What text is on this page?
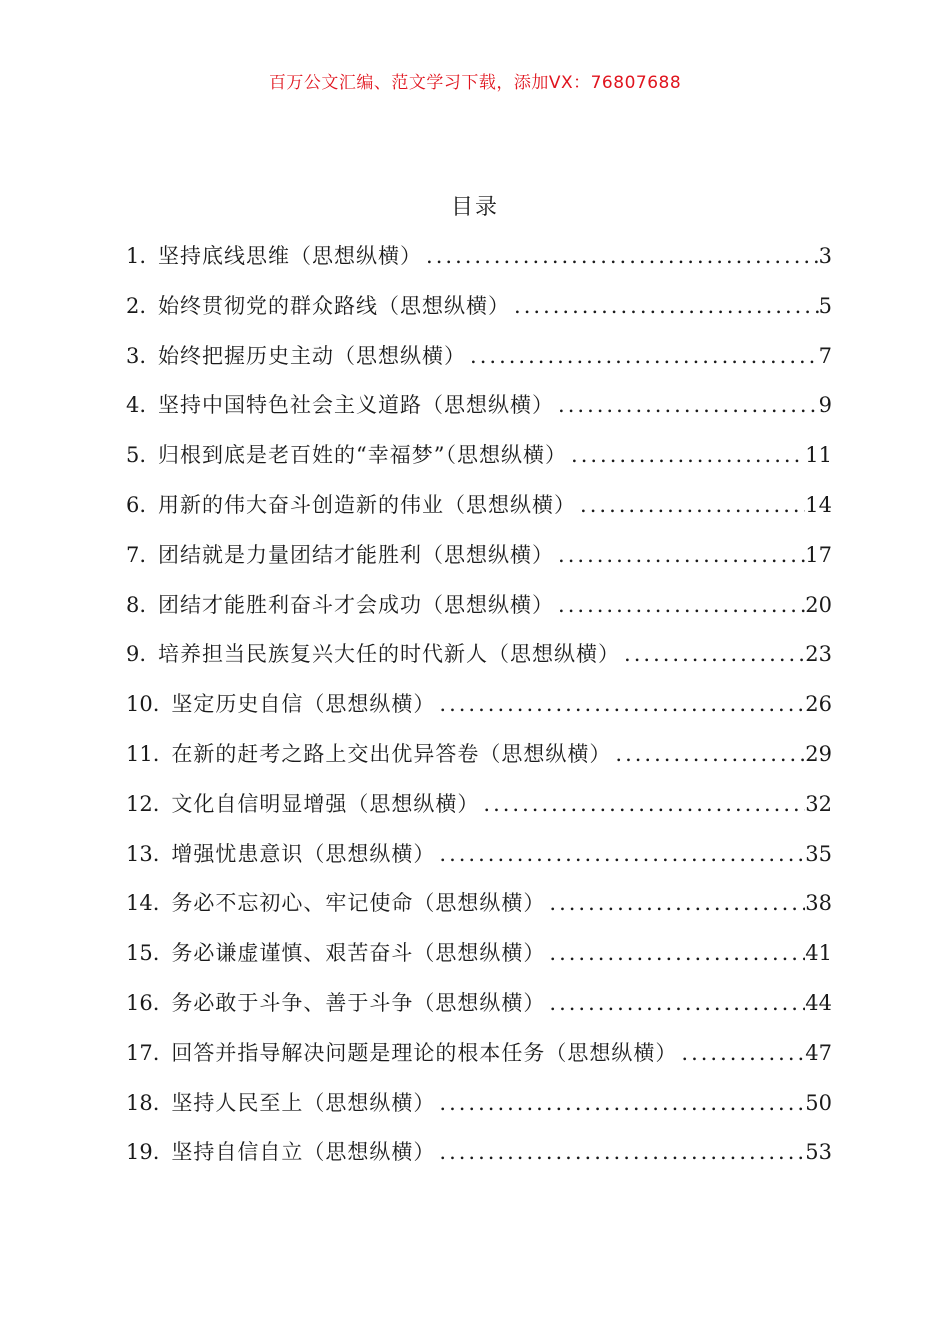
百万公文汇编、范文学习下载，添加VX：76807688
目录
1. 坚持底线思维（思想纵横） .....	3
2. 始终贯彻党的群众路线（思想纵横） .....	5
3. 始终把握历史主动（思想纵横） .....	7
4. 坚持中国特色社会主义道路（思想纵横） .....	9
5. 归根到底是老百姓的“幸福梦”（思想纵横） .....	11
6. 用新的伟大奋斗创造新的伟业（思想纵横） .....	14
7. 团结就是力量团结才能胜利（思想纵横） .....	17
8. 团结才能胜利奋斗才会成功（思想纵横） .....	20
9. 培养担当民族复兴大任的时代新人（思想纵横） .....	23
10. 坚定历史自信（思想纵横） .....	26
11. 在新的赶考之路上交出优异答卷（思想纵横） .....	29
12. 文化自信明显增强（思想纵横） .....	32
13. 增强忧患意识（思想纵横） .....	35
14. 务必不忘初心、牢记使命（思想纵横） .....	38
15. 务必谦虚谨慎、艰苦奋斗（思想纵横） .....	41
16. 务必敢于斗争、善于斗争（思想纵横） .....	44
17. 回答并指导解决问题是理论的根本任务（思想纵横） .....	47
18. 坚持人民至上（思想纵横） .....	50
19. 坚持自信自立（思想纵横） .....	53
